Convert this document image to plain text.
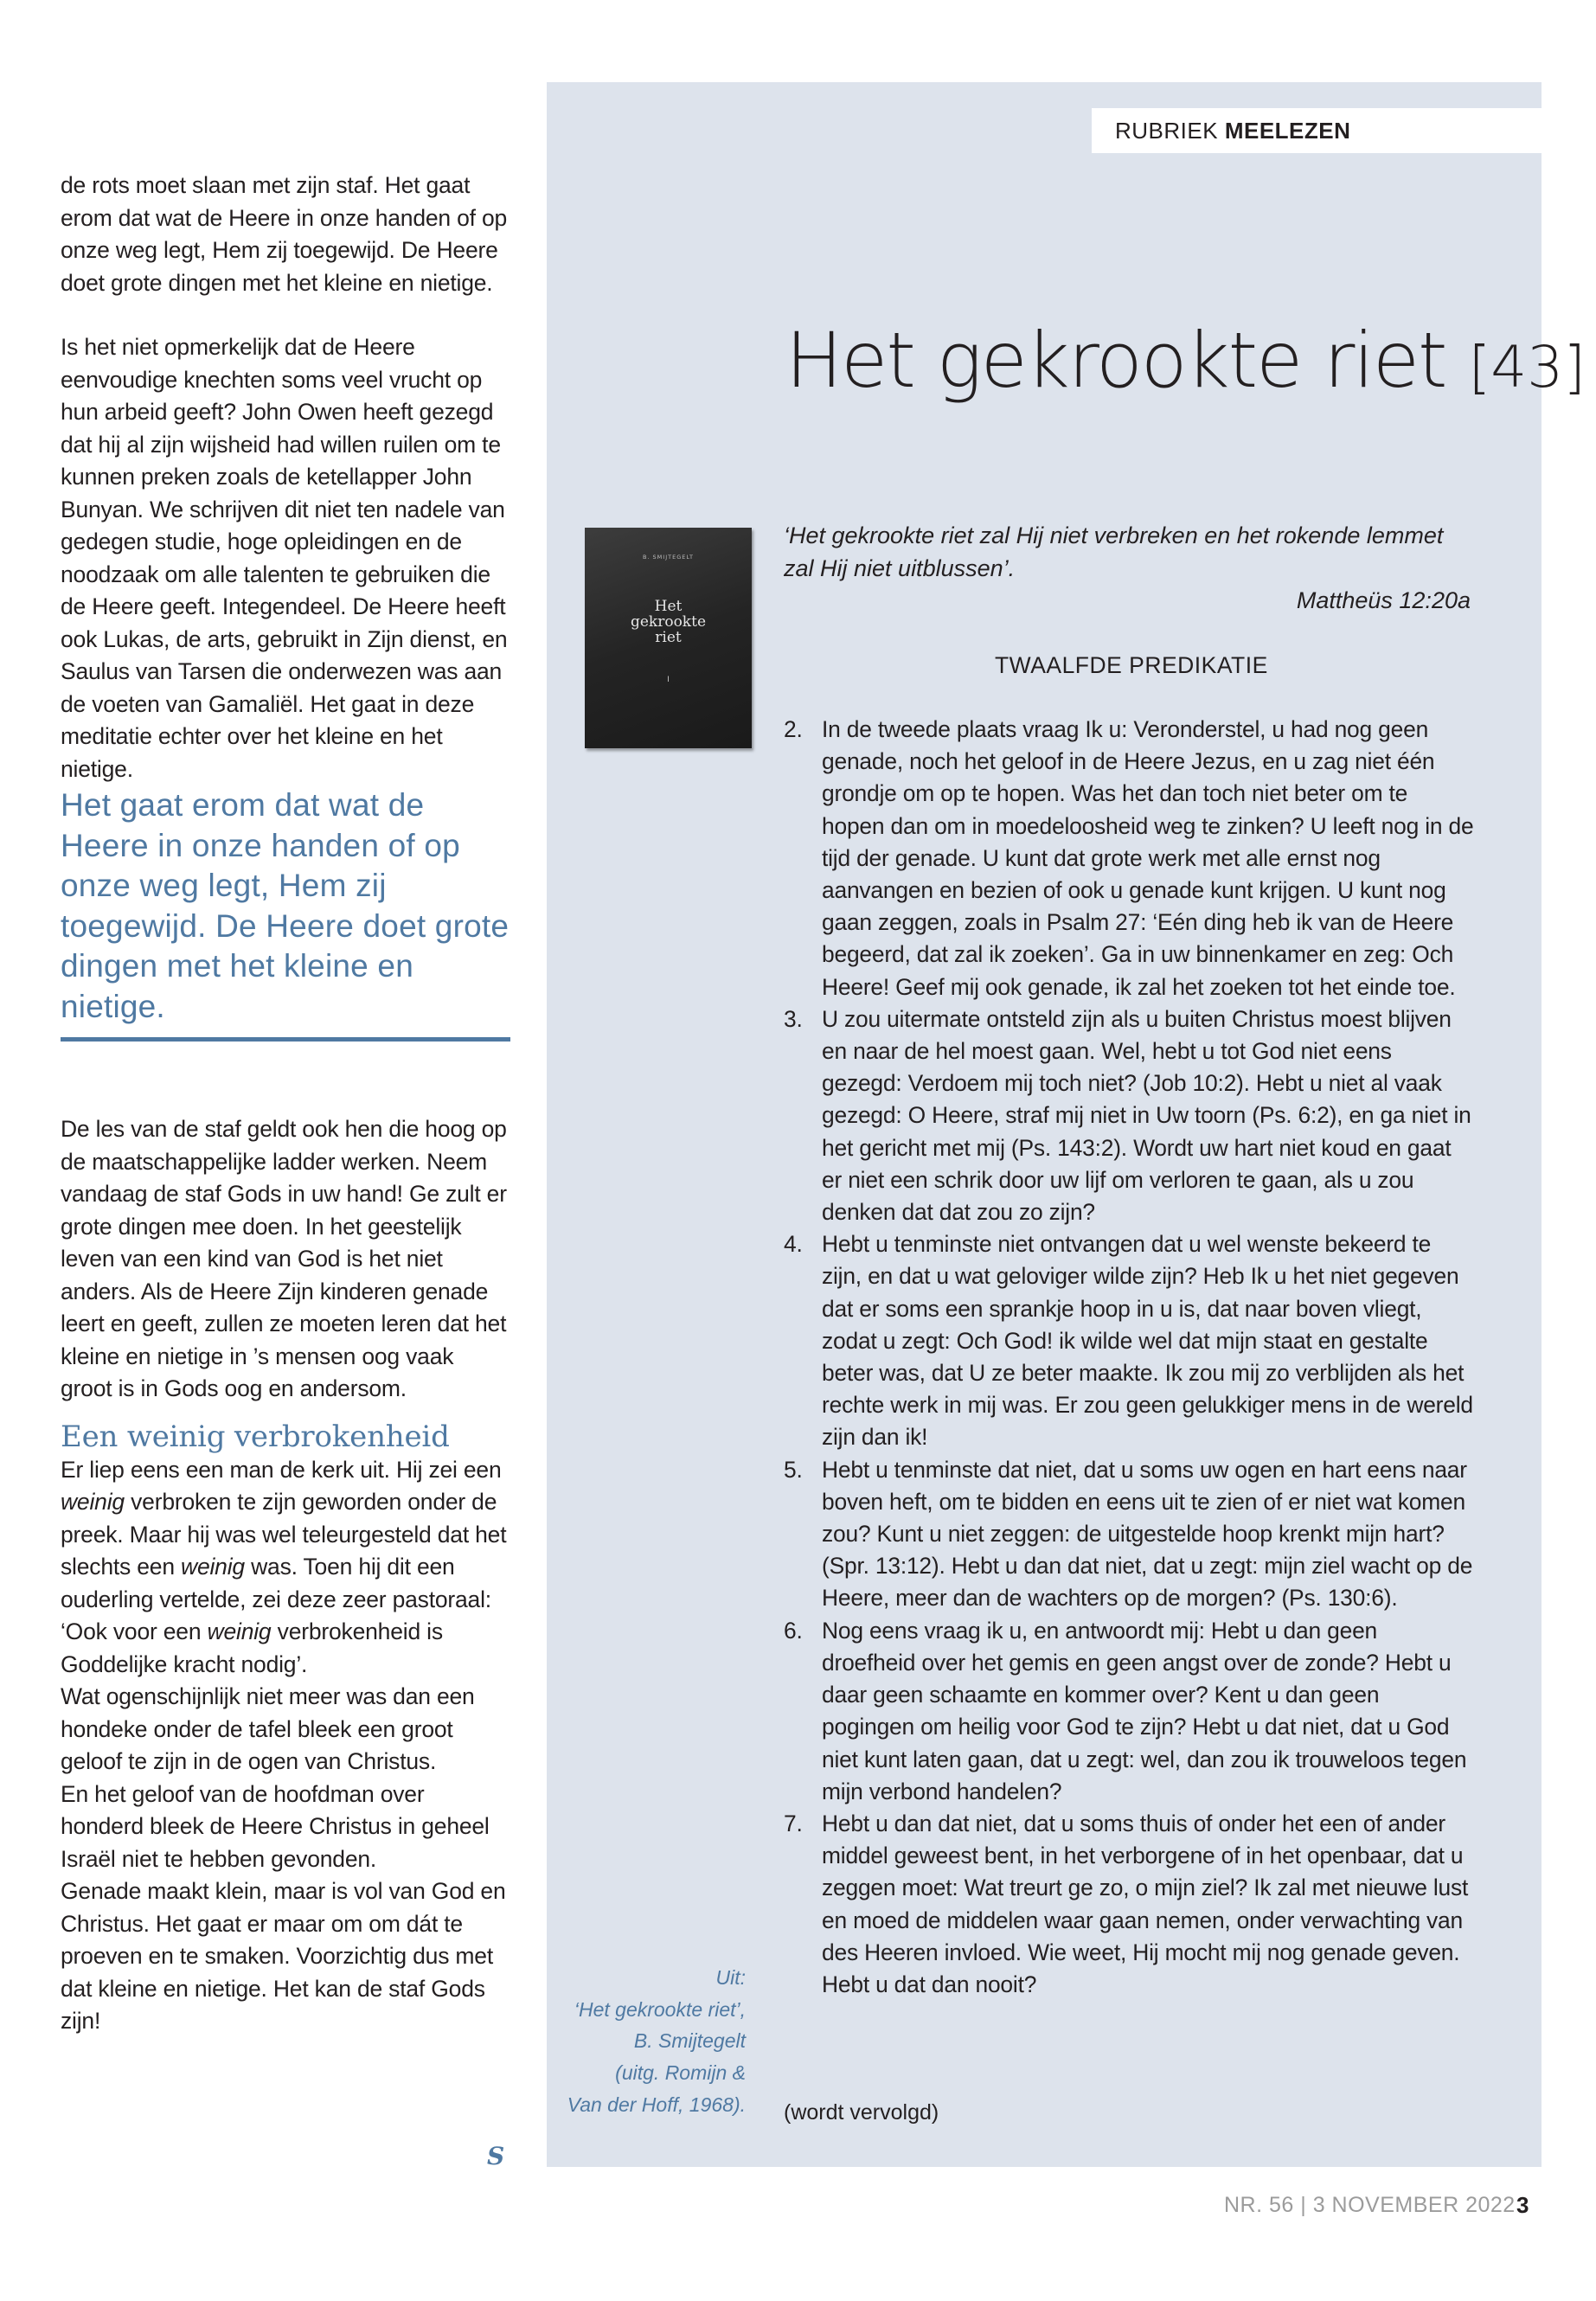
de rots moet slaan met zijn staf. Het gaat erom dat wat de Heere in onze handen of op onze weg legt, Hem zij toegewijd. De Heere doet grote dingen met het kleine en nietige.

Is het niet opmerkelijk dat de Heere eenvoudige knechten soms veel vrucht op hun arbeid geeft? John Owen heeft gezegd dat hij al zijn wijsheid had willen ruilen om te kunnen preken zoals de ketellapper John Bunyan. We schrijven dit niet ten nadele van gedegen studie, hoge opleidingen en de noodzaak om alle talenten te gebruiken die de Heere geeft. Integendeel. De Heere heeft ook Lukas, de arts, gebruikt in Zijn dienst, en Saulus van Tarsen die onderwezen was aan de voeten van Gamaliël. Het gaat in deze meditatie echter over het kleine en het nietige.

Het gaat erom dat wat de Heere in onze handen of op onze weg legt, Hem zij toegewijd. De Heere doet grote dingen met het kleine en nietige.

De les van de staf geldt ook hen die hoog op de maatschappelijke ladder werken. Neem vandaag de staf Gods in uw hand! Ge zult er grote dingen mee doen. In het geestelijk leven van een kind van God is het niet anders. Als de Heere Zijn kinderen genade leert en geeft, zullen ze moeten leren dat het kleine en nietige in ’s mensen oog vaak groot is in Gods oog en andersom.

Een weinig verbrokenheid

Er liep eens een man de kerk uit. Hij zei een weinig verbroken te zijn geworden onder de preek. Maar hij was wel teleurgesteld dat het slechts een weinig was. Toen hij dit een ouderling vertelde, zei deze zeer pastoraal: ‘Ook voor een weinig verbrokenheid is Goddelijke kracht nodig’.

Wat ogenschijnlijk niet meer was dan een hondeke onder de tafel bleek een groot geloof te zijn in de ogen van Christus.

En het geloof van de hoofdman over honderd bleek de Heere Christus in geheel Israël niet te hebben gevonden.

Genade maakt klein, maar is vol van God en Christus. Het gaat er maar om om dát te proeven en te smaken. Voorzichtig dus met dat kleine en nietige. Het kan de staf Gods zijn!

S
RUBRIEK MEELEZEN
Het gekrookte riet [43]
B. SMIJTEGELT
Het
gekrookte
riet
I
‘Het gekrookte riet zal Hij niet verbreken en het rokende lemmet zal Hij niet uitblussen’.
Mattheüs 12:20a
TWAALFDE PREDIKATIE
2. In de tweede plaats vraag Ik u: Veronderstel, u had nog geen genade, noch het geloof in de Heere Jezus, en u zag niet één grondje om op te hopen. Was het dan toch niet beter om te hopen dan om in moedeloosheid weg te zinken? U leeft nog in de tijd der genade. U kunt dat grote werk met alle ernst nog aanvangen en bezien of ook u genade kunt krijgen. U kunt nog gaan zeggen, zoals in Psalm 27: ‘Eén ding heb ik van de Heere begeerd, dat zal ik zoeken’. Ga in uw binnenkamer en zeg: Och Heere! Geef mij ook genade, ik zal het zoeken tot het einde toe.
3. U zou uitermate ontsteld zijn als u buiten Christus moest blijven en naar de hel moest gaan. Wel, hebt u tot God niet eens gezegd: Verdoem mij toch niet? (Job 10:2). Hebt u niet al vaak gezegd: O Heere, straf mij niet in Uw toorn (Ps. 6:2), en ga niet in het gericht met mij (Ps. 143:2). Wordt uw hart niet koud en gaat er niet een schrik door uw lijf om verloren te gaan, als u zou denken dat dat zou zo zijn?
4. Hebt u tenminste niet ontvangen dat u wel wenste bekeerd te zijn, en dat u wat geloviger wilde zijn? Heb Ik u het niet gegeven dat er soms een sprankje hoop in u is, dat naar boven vliegt, zodat u zegt: Och God! ik wilde wel dat mijn staat en gestalte beter was, dat U ze beter maakte. Ik zou mij zo verblijden als het rechte werk in mij was. Er zou geen gelukkiger mens in de wereld zijn dan ik!
5. Hebt u tenminste dat niet, dat u soms uw ogen en hart eens naar boven heft, om te bidden en eens uit te zien of er niet wat komen zou? Kunt u niet zeggen: de uitgestelde hoop krenkt mijn hart? (Spr. 13:12). Hebt u dan dat niet, dat u zegt: mijn ziel wacht op de Heere, meer dan de wachters op de morgen? (Ps. 130:6).
6. Nog eens vraag ik u, en antwoordt mij: Hebt u dan geen droefheid over het gemis en geen angst over de zonde? Hebt u daar geen schaamte en kommer over? Kent u dan geen pogingen om heilig voor God te zijn? Hebt u dat niet, dat u God niet kunt laten gaan, dat u zegt: wel, dan zou ik trouweloos tegen mijn verbond handelen?
7. Hebt u dan dat niet, dat u soms thuis of onder het een of ander middel geweest bent, in het verborgene of in het openbaar, dat u zeggen moet: Wat treurt ge zo, o mijn ziel? Ik zal met nieuwe lust en moed de middelen waar gaan nemen, onder verwachting van des Heeren invloed. Wie weet, Hij mocht mij nog genade geven. Hebt u dat dan nooit?
Uit:
‘Het gekrookte riet’,
B. Smijtegelt
(uitg. Romijn &
Van der Hoff, 1968). (wordt vervolgd)
NR. 56 | 3 NOVEMBER 2022 3
